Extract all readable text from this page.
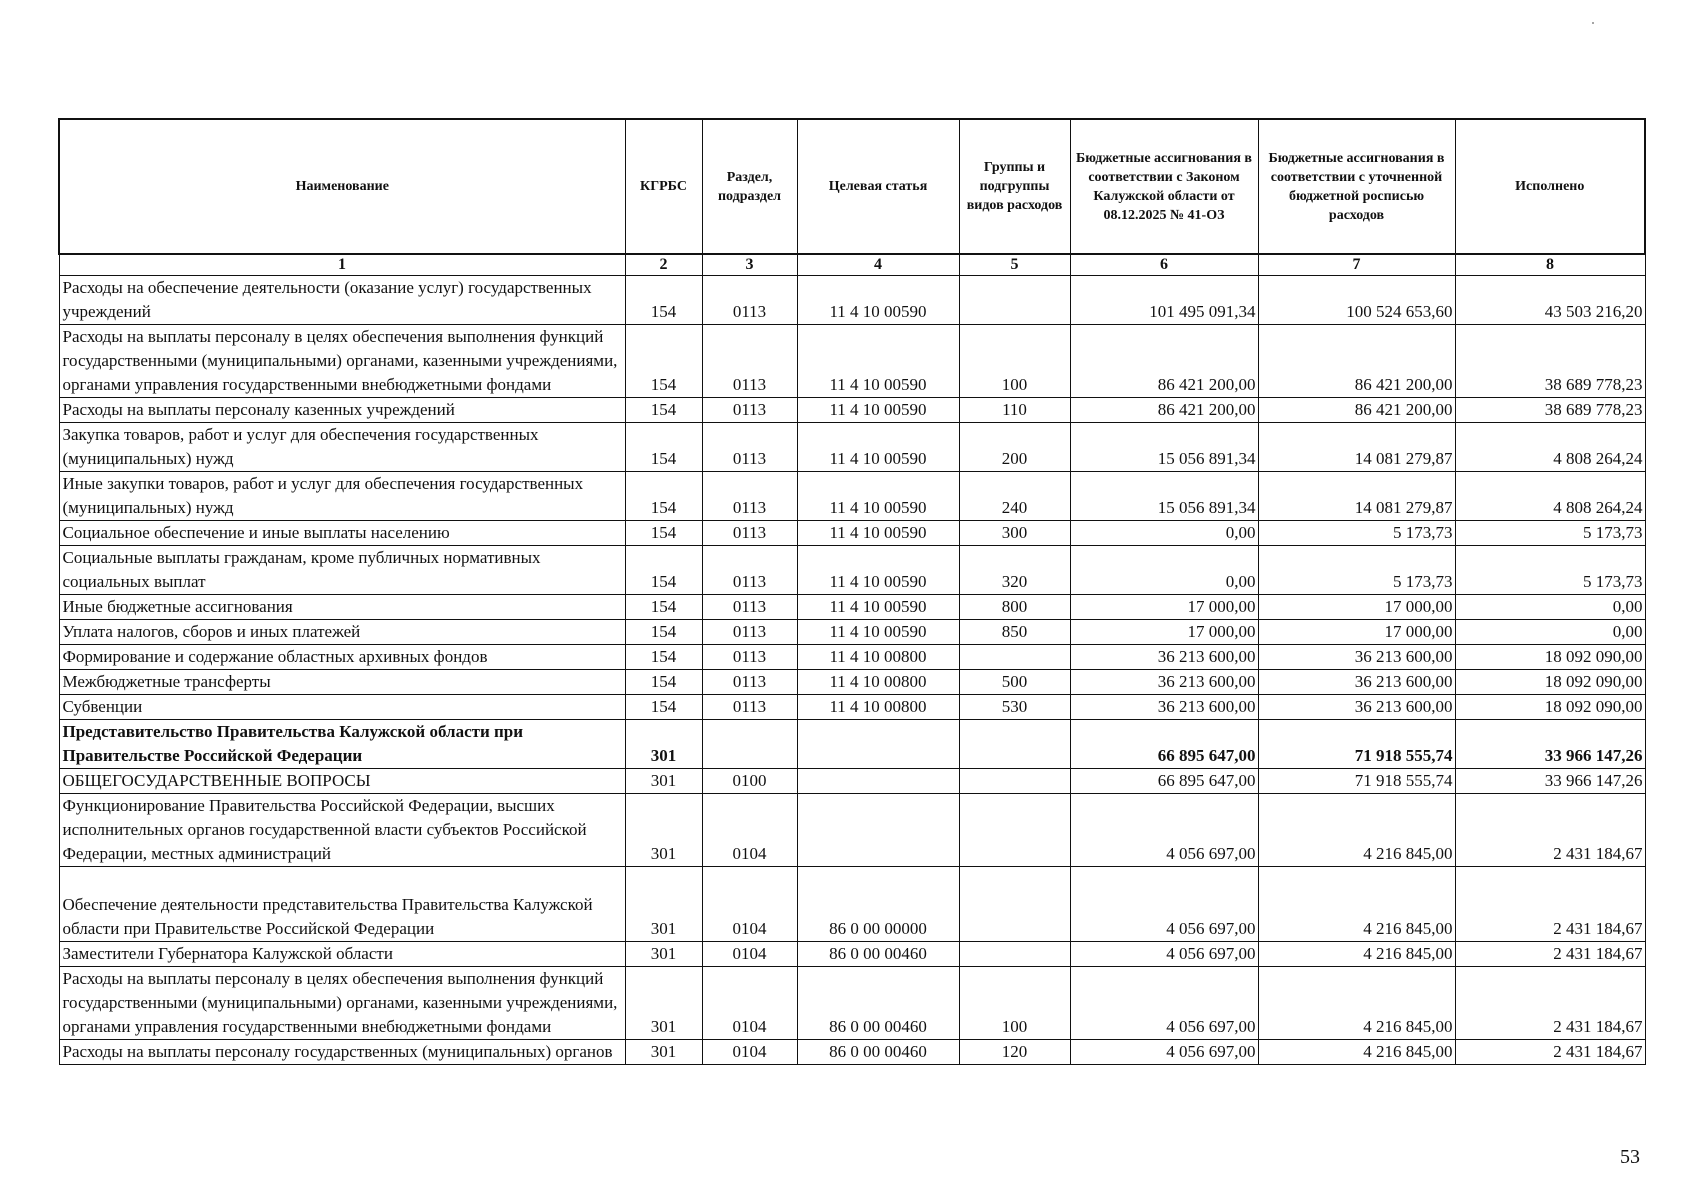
Наименование	КГРБС	Раздел, подраздел	Целевая статья	Группы и подгруппы видов расходов	Бюджетные ассигнования в соответствии с Законом Калужской области от 08.12.2025 № 41-ОЗ	Бюджетные ассигнования в соответствии с уточненной бюджетной росписью расходов	Исполнено
1	2	3	4	5	6	7	8
Расходы на обеспечение деятельности (оказание услуг) государственных учреждений	154	0113	11 4 10 00590		101 495 091,34	100 524 653,60	43 503 216,20
Расходы на выплаты персоналу в целях обеспечения выполнения функций государственными (муниципальными) органами, казенными учреждениями, органами управления государственными внебюджетными фондами	154	0113	11 4 10 00590	100	86 421 200,00	86 421 200,00	38 689 778,23
Расходы на выплаты персоналу казенных учреждений	154	0113	11 4 10 00590	110	86 421 200,00	86 421 200,00	38 689 778,23
Закупка товаров, работ и услуг для обеспечения государственных (муниципальных) нужд	154	0113	11 4 10 00590	200	15 056 891,34	14 081 279,87	4 808 264,24
Иные закупки товаров, работ и услуг для обеспечения государственных (муниципальных) нужд	154	0113	11 4 10 00590	240	15 056 891,34	14 081 279,87	4 808 264,24
Социальное обеспечение и иные выплаты населению	154	0113	11 4 10 00590	300	0,00	5 173,73	5 173,73
Социальные выплаты гражданам, кроме публичных нормативных социальных выплат	154	0113	11 4 10 00590	320	0,00	5 173,73	5 173,73
Иные бюджетные ассигнования	154	0113	11 4 10 00590	800	17 000,00	17 000,00	0,00
Уплата налогов, сборов и иных платежей	154	0113	11 4 10 00590	850	17 000,00	17 000,00	0,00
Формирование и содержание областных архивных фондов	154	0113	11 4 10 00800		36 213 600,00	36 213 600,00	18 092 090,00
Межбюджетные трансферты	154	0113	11 4 10 00800	500	36 213 600,00	36 213 600,00	18 092 090,00
Субвенции	154	0113	11 4 10 00800	530	36 213 600,00	36 213 600,00	18 092 090,00
Представительство Правительства Калужской области при Правительстве Российской Федерации	301				66 895 647,00	71 918 555,74	33 966 147,26
ОБЩЕГОСУДАРСТВЕННЫЕ ВОПРОСЫ	301	0100			66 895 647,00	71 918 555,74	33 966 147,26
Функционирование Правительства Российской Федерации, высших исполнительных органов государственной власти субъектов Российской Федерации, местных администраций	301	0104			4 056 697,00	4 216 845,00	2 431 184,67
Обеспечение деятельности представительства Правительства Калужской области при Правительстве Российской Федерации	301	0104	86 0 00 00000		4 056 697,00	4 216 845,00	2 431 184,67
Заместители Губернатора Калужской области	301	0104	86 0 00 00460		4 056 697,00	4 216 845,00	2 431 184,67
Расходы на выплаты персоналу в целях обеспечения выполнения функций государственными (муниципальными) органами, казенными учреждениями, органами управления государственными внебюджетными фондами	301	0104	86 0 00 00460	100	4 056 697,00	4 216 845,00	2 431 184,67
Расходы на выплаты персоналу государственных (муниципальных) органов	301	0104	86 0 00 00460	120	4 056 697,00	4 216 845,00	2 431 184,67
53
